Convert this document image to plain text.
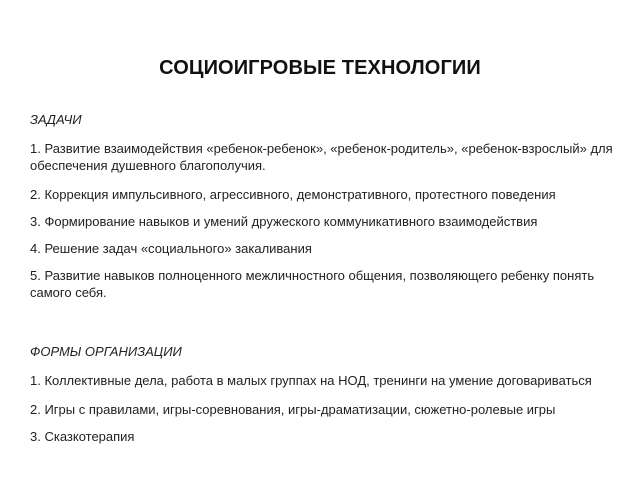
СОЦИОИГРОВЫЕ ТЕХНОЛОГИИ
ЗАДАЧИ
1. Развитие взаимодействия «ребенок-ребенок», «ребенок-родитель», «ребенок-взрослый» для обеспечения душевного благополучия.
2. Коррекция импульсивного, агрессивного, демонстративного, протестного поведения
3. Формирование навыков и умений дружеского коммуникативного взаимодействия
4. Решение задач «социального» закаливания
5. Развитие навыков полноценного межличностного общения, позволяющего ребенку понять самого себя.
ФОРМЫ ОРГАНИЗАЦИИ
1. Коллективные дела, работа в малых группах на НОД, тренинги на умение договариваться
2. Игры с правилами, игры-соревнования, игры-драматизации, сюжетно-ролевые игры
3. Сказкотерапия
